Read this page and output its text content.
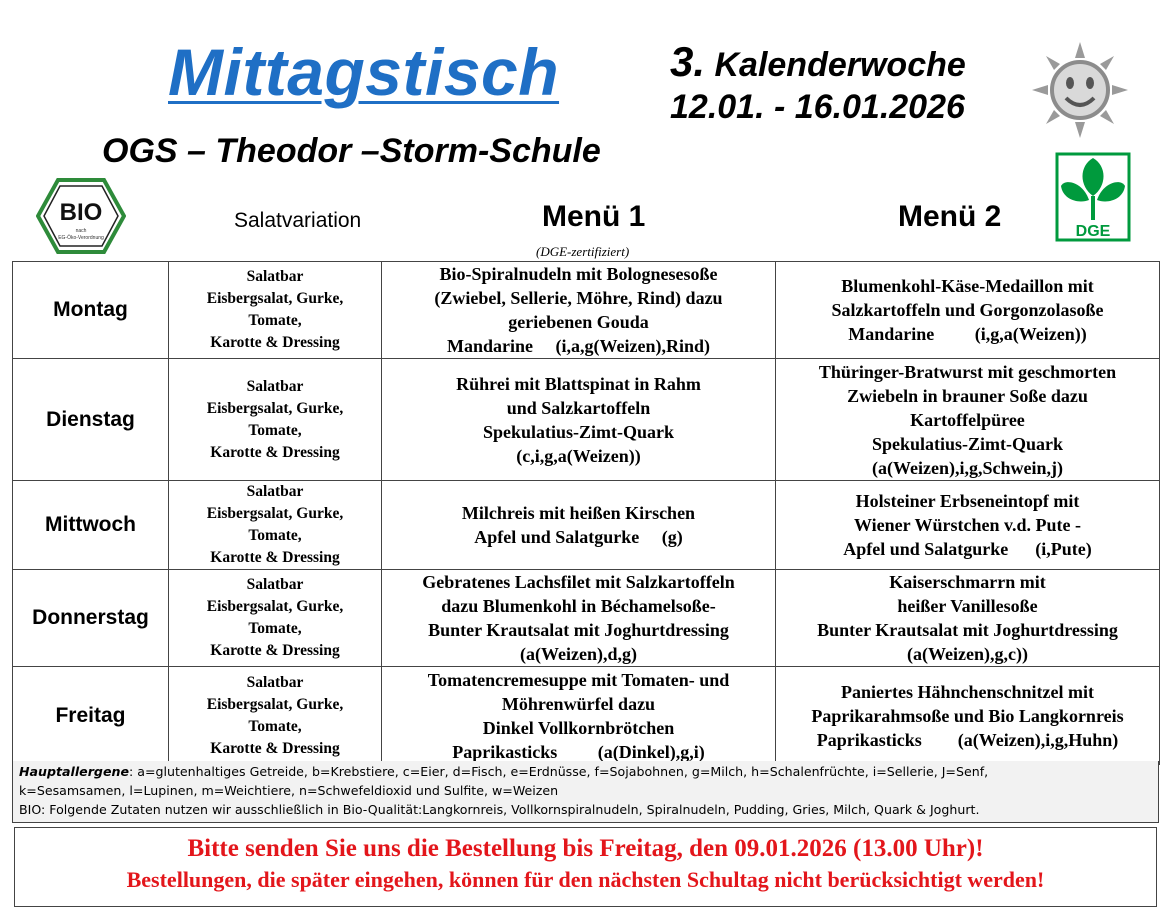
Mittagstisch
OGS – Theodor –Storm-Schule
3. Kalenderwoche
12.01. - 16.01.2026
BIO
nach
EG-Öko-Verordnung	DGE
Salatvariation	Menü 1
(DGE-zertifiziert)
Menü 2
Montag	Salatbar
Eisbergsalat, Gurke,
Tomate,
Karotte & Dressing	Bio-Spiralnudeln mit Bolognesesoße
(Zwiebel, Sellerie, Möhre, Rind) dazu
geriebenen Gouda
Mandarine     (i,a,g(Weizen),Rind)	Blumenkohl-Käse-Medaillon mit
Salzkartoffeln und Gorgonzolasoße
Mandarine         (i,g,a(Weizen))

Dienstag	Salatbar
Eisbergsalat, Gurke,
Tomate,
Karotte & Dressing	Rührei mit Blattspinat in Rahm
und Salzkartoffeln
Spekulatius-Zimt-Quark
(c,i,g,a(Weizen))	Thüringer-Bratwurst mit geschmorten
Zwiebeln in brauner Soße dazu
Kartoffelpüree
Spekulatius-Zimt-Quark
(a(Weizen),i,g,Schwein,j)

Mittwoch	Salatbar
Eisbergsalat, Gurke,
Tomate,
Karotte & Dressing	Milchreis mit heißen Kirschen
Apfel und Salatgurke     (g)	Holsteiner Erbseneintopf mit
Wiener Würstchen v.d. Pute -
Apfel und Salatgurke      (i,Pute)

Donnerstag	Salatbar
Eisbergsalat, Gurke,
Tomate,
Karotte & Dressing	Gebratenes Lachsfilet mit Salzkartoffeln
dazu Blumenkohl in Béchamelsoße-
Bunter Krautsalat mit Joghurtdressing
(a(Weizen),d,g)	Kaiserschmarrn mit
heißer Vanillesoße
Bunter Krautsalat mit Joghurtdressing
(a(Weizen),g,c))

Freitag	Salatbar
Eisbergsalat, Gurke,
Tomate,
Karotte & Dressing	Tomatencremesuppe mit Tomaten- und
Möhrenwürfel dazu
Dinkel Vollkornbrötchen
Paprikasticks         (a(Dinkel),g,i)	Paniertes Hähnchenschnitzel mit
Paprikarahmsoße und Bio Langkornreis
Paprikasticks        (a(Weizen),i,g,Huhn)
Hauptallergene: a=glutenhaltiges Getreide, b=Krebstiere, c=Eier, d=Fisch, e=Erdnüsse, f=Sojabohnen, g=Milch, h=Schalenfrüchte, i=Sellerie, J=Senf,
k=Sesamsamen, l=Lupinen, m=Weichtiere, n=Schwefeldioxid und Sulfite, w=Weizen
BIO: Folgende Zutaten nutzen wir ausschließlich in Bio-Qualität:Langkornreis, Vollkornspiralnudeln, Spiralnudeln, Pudding, Gries, Milch, Quark & Joghurt.
Bitte senden Sie uns die Bestellung bis Freitag, den 09.01.2026 (13.00 Uhr)!
Bestellungen, die später eingehen, können für den nächsten Schultag nicht berücksichtigt werden!
